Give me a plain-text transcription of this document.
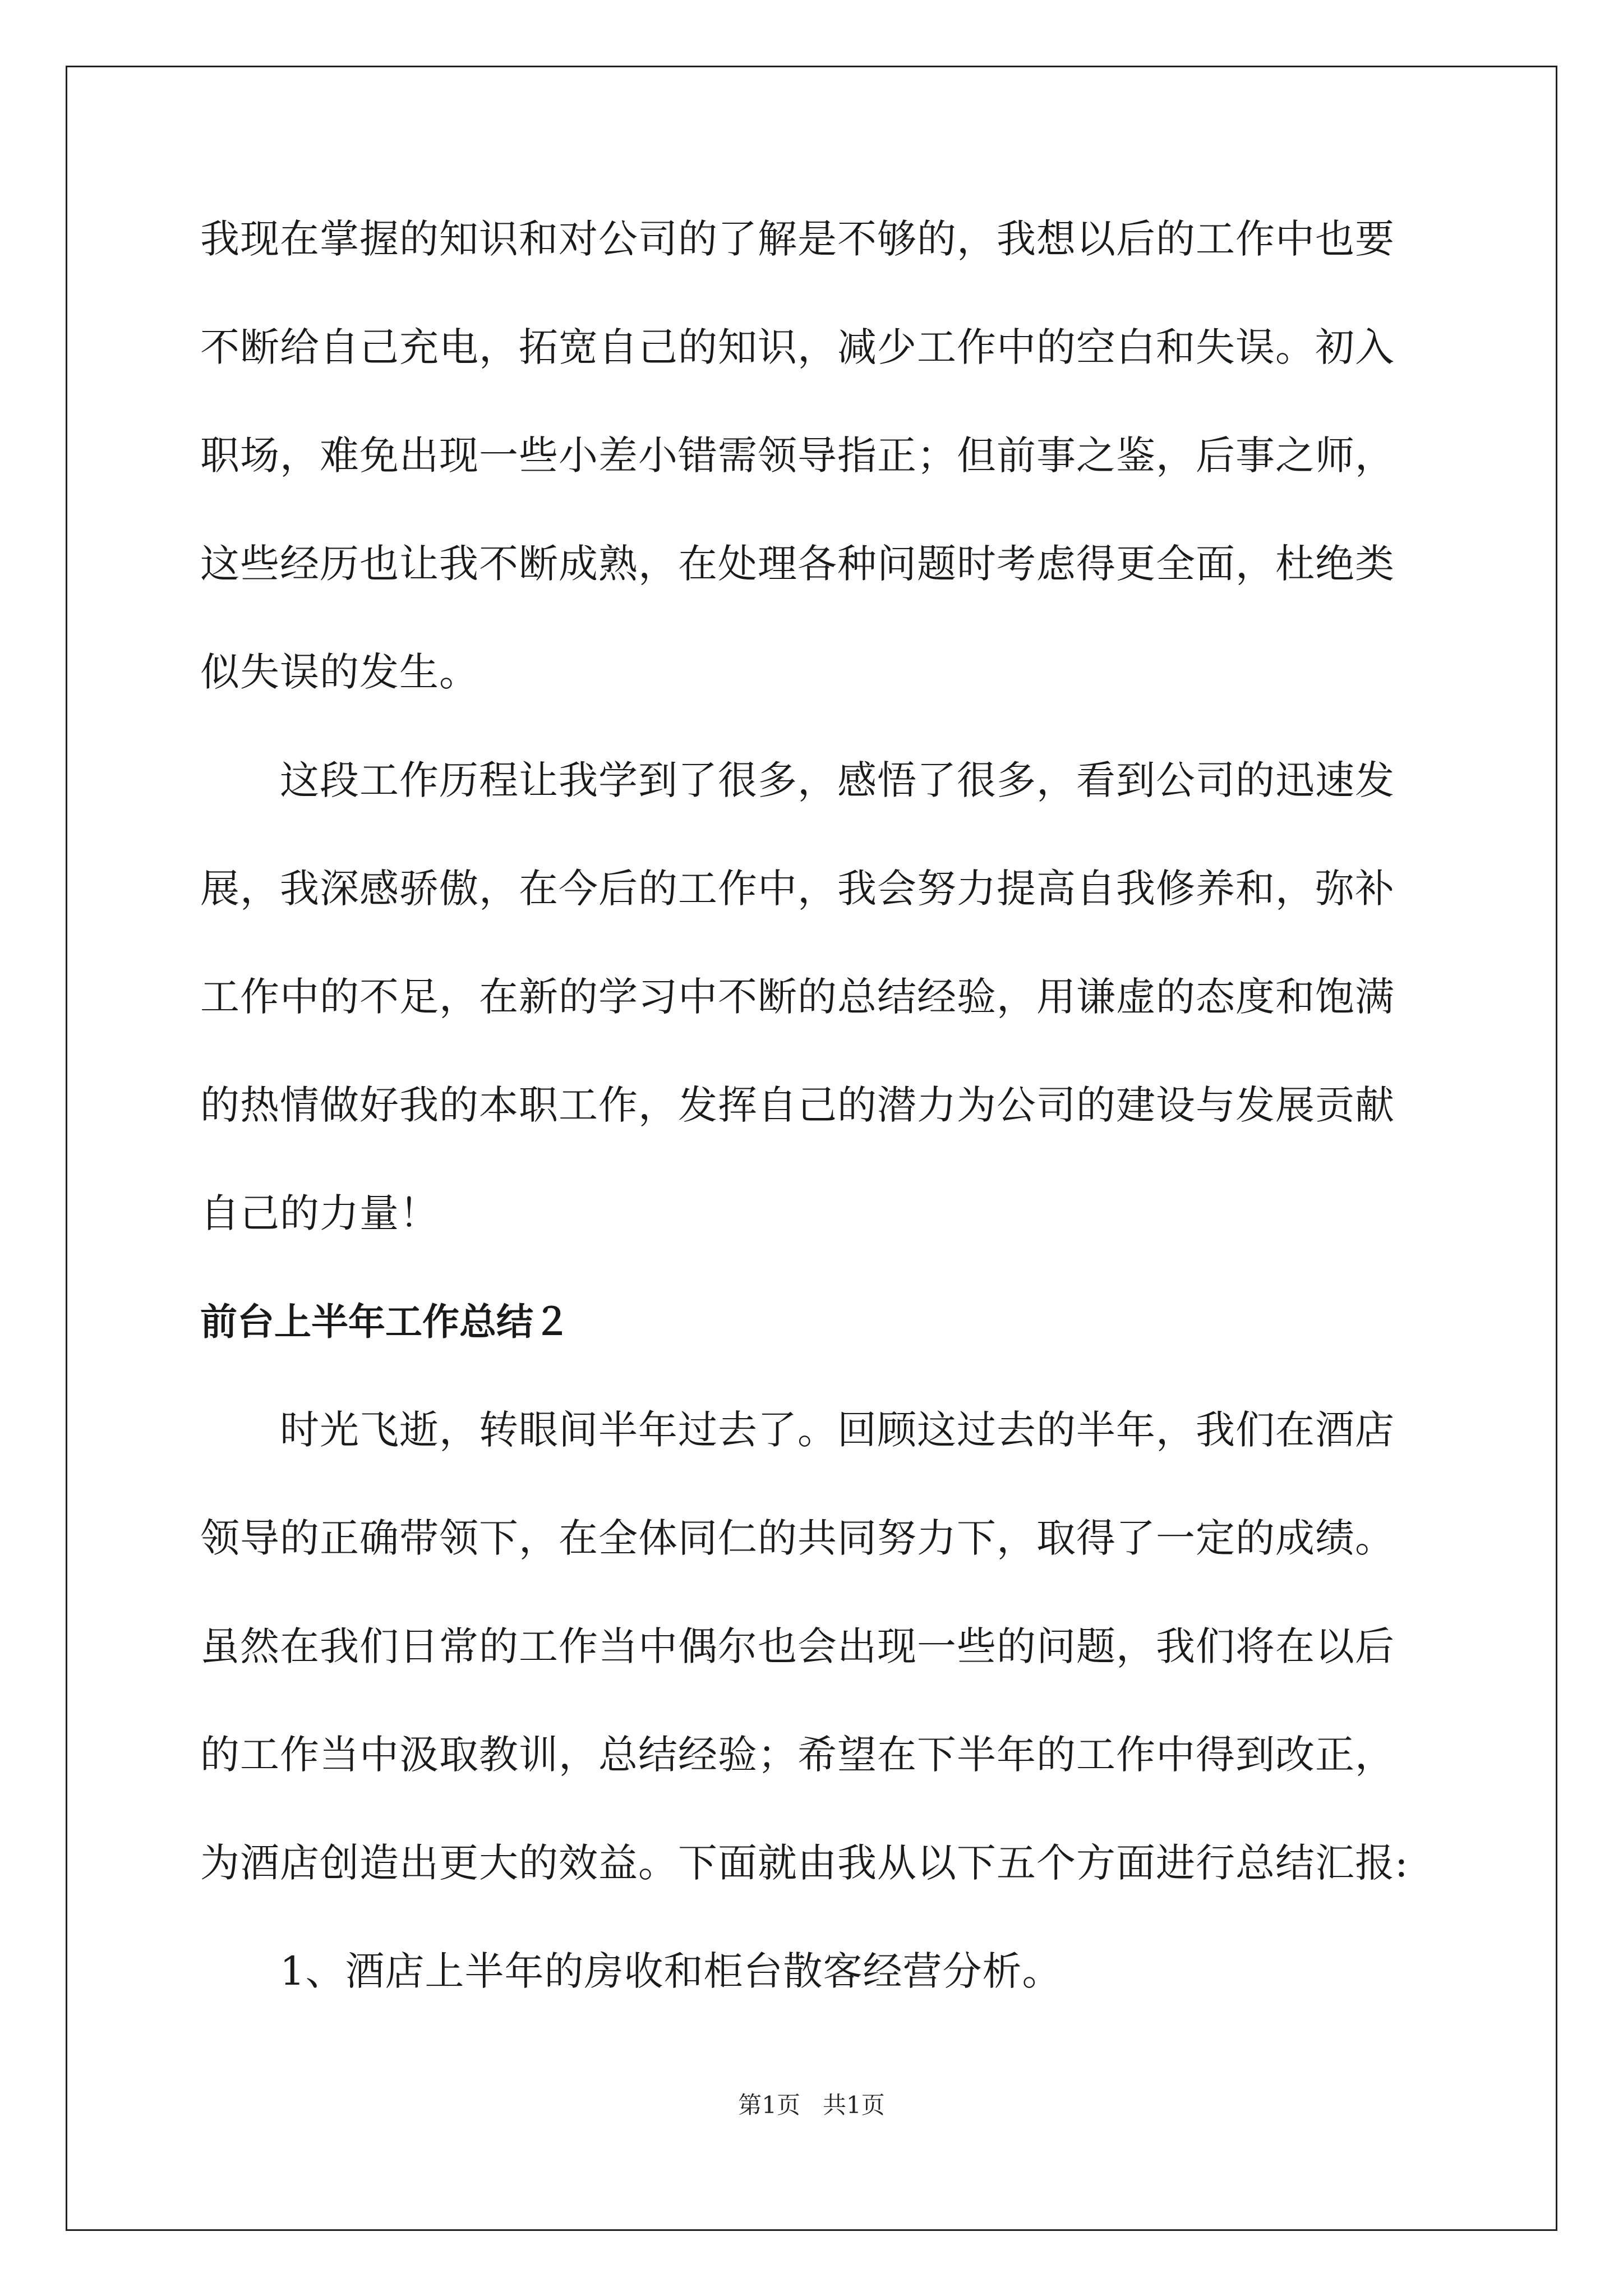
我现在掌握的知识和对公司的了解是不够的，我想以后的工作中也要
不断给自己充电，拓宽自己的知识，减少工作中的空白和失误。初入
职场，难免出现一些小差小错需领导指正；但前事之鉴，后事之师，
这些经历也让我不断成熟，在处理各种问题时考虑得更全面，杜绝类
似失误的发生。

这段工作历程让我学到了很多，感悟了很多，看到公司的迅速发
展，我深感骄傲，在今后的工作中，我会努力提高自我修养和，弥补
工作中的不足，在新的学习中不断的总结经验，用谦虚的态度和饱满
的热情做好我的本职工作，发挥自己的潜力为公司的建设与发展贡献
自己的力量！

前台上半年工作总结２

时光飞逝，转眼间半年过去了。回顾这过去的半年，我们在酒店
领导的正确带领下，在全体同仁的共同努力下，取得了一定的成绩。
虽然在我们日常的工作当中偶尔也会出现一些的问题，我们将在以后
的工作当中汲取教训，总结经验；希望在下半年的工作中得到改正，
为酒店创造出更大的效益。下面就由我从以下五个方面进行总结汇报:

1、酒店上半年的房收和柜台散客经营分析。

第1页 共1页
